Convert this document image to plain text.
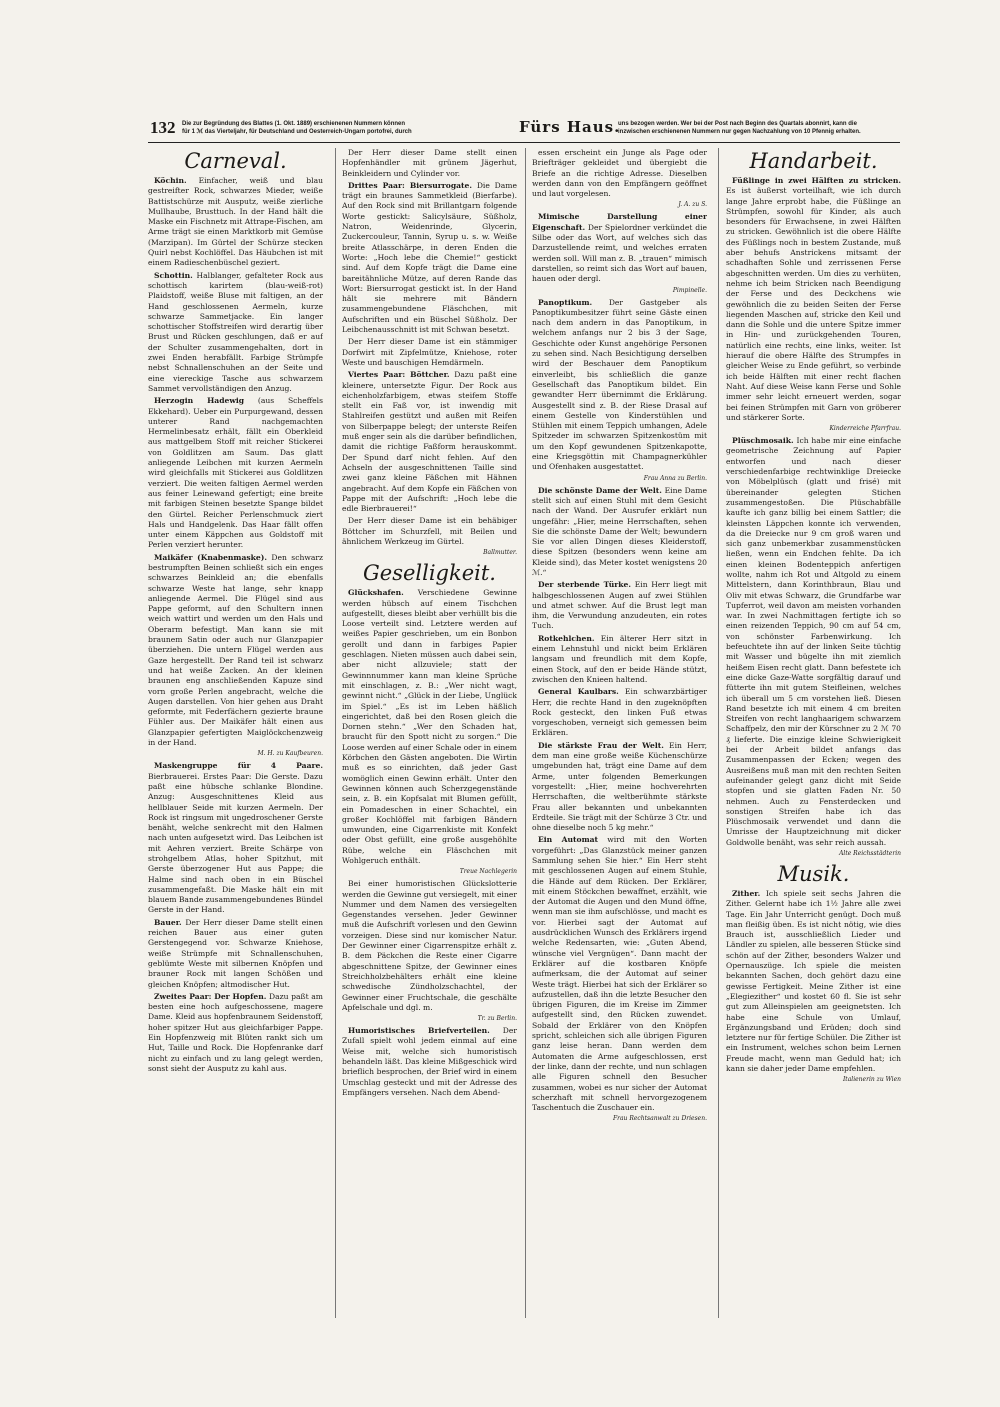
132 Die zur Begründung des Blattes (1. Okt. 1889) erschienenen Nummern können
für 1 ℳ das Vierteljahr, für Deutschland und Oesterreich-Ungarn portofrei, durch	Fürs Haus.
uns bezogen werden. Wer bei der Post nach Beginn des Quartals abonnirt, kann die
inzwischen erschienenen Nummern nur gegen Nachzahlung von 10 Pfennig erhalten.
Carneval.
Köchin. Einfacher, weiß und blau gestreifter Rock, schwarzes Mieder, weiße Battistschürze mit Ausputz, weiße zierliche Mullhaube, Brusttuch. In der Hand hält die Maske ein Fischnetz mit Attrape-Fischen, am Arme trägt sie einen Marktkorb mit Gemüse (Marzipan). Im Gürtel der Schürze stecken Quirl nebst Kochlöffel. Das Häubchen ist mit einem Radieschenbüschel geziert.
Schottin. Halblanger, gefalteter Rock aus schottisch karirtem (blau-weiß-rot) Plaidstoff, weiße Bluse mit faltigen, an der Hand geschlossenen Aermeln, kurze schwarze Sammetjacke. Ein langer schottischer Stoffstreifen wird derartig über Brust und Rücken geschlungen, daß er auf der Schulter zusammengehalten, dort in zwei Enden herabfällt. Farbige Strümpfe nebst Schnallenschuhen an der Seite und eine viereckige Tasche aus schwarzem Sammet vervollständigen den Anzug.
Herzogin Hadewig (aus Scheffels Ekkehard). Ueber ein Purpurgewand, dessen unterer Rand nachgemachten Hermelinbesatz erhält, fällt ein Oberkleid aus mattgelbem Stoff mit reicher Stickerei von Goldlitzen am Saum. Das glatt anliegende Leibchen mit kurzen Aermeln wird gleichfalls mit Stickerei aus Goldlitzen verziert. Die weiten faltigen Aermel werden aus feiner Leinewand gefertigt; eine breite mit farbigen Steinen besetzte Spange bildet den Gürtel. Reicher Perlenschmuck ziert Hals und Handgelenk. Das Haar fällt offen unter einem Käppchen aus Goldstoff mit Perlen verziert herunter.
Maikäfer (Knabenmaske). Den schwarz bestrumpften Beinen schließt sich ein enges schwarzes Beinkleid an; die ebenfalls schwarze Weste hat lange, sehr knapp anliegende Aermel. Die Flügel sind aus Pappe geformt, auf den Schultern innen weich wattirt und werden um den Hals und Oberarm befestigt. Man kann sie mit braunem Satin oder auch nur Glanzpapier überziehen. Die untern Flügel werden aus Gaze hergestellt. Der Rand teil ist schwarz und hat weiße Zacken. An der kleinen braunen eng anschließenden Kapuze sind vorn große Perlen angebracht, welche die Augen darstellen. Von hier gehen aus Draht geformte, mit Federfächern gezierte braune Fühler aus. Der Maikäfer hält einen aus Glanzpapier gefertigten Maiglöckchenzweig in der Hand.
M. H. zu Kaufbeuren.
Maskengruppe für 4 Paare. Bierbrauerei. Erstes Paar: Die Gerste. Dazu paßt eine hübsche schlanke Blondine. Anzug: Ausgeschnittenes Kleid aus hellblauer Seide mit kurzen Aermeln. Der Rock ist ringsum mit ungedroschener Gerste benäht, welche senkrecht mit den Halmen nach unten aufgesetzt wird. Das Leibchen ist mit Aehren verziert. Breite Schärpe von strohgelbem Atlas, hoher Spitzhut, mit Gerste überzogener Hut aus Pappe; die Halme sind nach oben in ein Büschel zusammengefaßt. Die Maske hält ein mit blauem Bande zusammengebundenes Bündel Gerste in der Hand.
Bauer. Der Herr dieser Dame stellt einen reichen Bauer aus einer guten Gerstengegend vor. Schwarze Kniehose, weiße Strümpfe mit Schnallenschuhen, geblümte Weste mit silbernen Knöpfen und brauner Rock mit langen Schößen und gleichen Knöpfen; altmodischer Hut.
Zweites Paar: Der Hopfen. Dazu paßt am besten eine hoch aufgeschossene, magere Dame. Kleid aus hopfenbraunem Seidenstoff, hoher spitzer Hut aus gleichfarbiger Pappe. Ein Hopfenzweig mit Blüten rankt sich um Hut, Taille und Rock. Die Hopfenranke darf nicht zu einfach und zu lang gelegt werden, sonst sieht der Ausputz zu kahl aus.
Der Herr dieser Dame stellt einen Hopfenhändler mit grünem Jägerhut, Beinkleidern und Cylinder vor.
Drittes Paar: Biersurrogate. Die Dame trägt ein braunes Sammetkleid (Bierfarbe). Auf den Rock sind mit Brillantgarn folgende Worte gestickt: Salicylsäure, Süßholz, Natron, Weidenrinde, Glycerin, Zuckercouleur, Tannin, Syrup u. s. w. Weiße breite Atlasschärpe, in deren Enden die Worte: „Hoch lebe die Chemie!“ gestickt sind. Auf dem Kopfe trägt die Dame eine bareitähnliche Mütze, auf deren Rande das Wort: Biersurrogat gestickt ist. In der Hand hält sie mehrere mit Bändern zusammengebundene Fläschchen, mit Aufschriften und ein Büschel Süßholz. Der Leibchenausschnitt ist mit Schwan besetzt.
Der Herr dieser Dame ist ein stämmiger Dorfwirt mit Zipfelmütze, Kniehose, roter Weste und bauschigen Hemdärmeln.
Viertes Paar: Böttcher. Dazu paßt eine kleinere, untersetzte Figur. Der Rock aus eichenholzfarbigem, etwas steifem Stoffe stellt ein Faß vor, ist inwendig mit Stahlreifen gestützt und außen mit Reifen von Silberpappe belegt; der unterste Reifen muß enger sein als die darüber befindlichen, damit die richtige Faßform herauskommt. Der Spund darf nicht fehlen. Auf den Achseln der ausgeschnittenen Taille sind zwei ganz kleine Fäßchen mit Hähnen angebracht. Auf dem Kopfe ein Fäßchen von Pappe mit der Aufschrift: „Hoch lebe die edle Bierbrauerei!“
Der Herr dieser Dame ist ein behäbiger Böttcher im Schurzfell, mit Beilen und ähnlichem Werkzeug im Gürtel.
Ballmutter.
Geselligkeit.
Glückshafen. Verschiedene Gewinne werden hübsch auf einem Tischchen aufgestellt, dieses bleibt aber verhüllt bis die Loose verteilt sind. Letztere werden auf weißes Papier geschrieben, um ein Bonbon gerollt und dann in farbiges Papier geschlagen. Nieten müssen auch dabei sein, aber nicht allzuviele; statt der Gewinnnummer kann man kleine Sprüche mit einschlagen, z. B.: „Wer nicht wagt, gewinnt nicht.“ „Glück in der Liebe, Unglück im Spiel.“ „Es ist im Leben häßlich eingerichtet, daß bei den Rosen gleich die Dornen stehn.“ „Wer den Schaden hat, braucht für den Spott nicht zu sorgen.“ Die Loose werden auf einer Schale oder in einem Körbchen den Gästen angeboten. Die Wirtin muß es so einrichten, daß jeder Gast womöglich einen Gewinn erhält. Unter den Gewinnen können auch Scherzgegenstände sein, z. B. ein Kopfsalat mit Blumen gefüllt, ein Pomadeschen in einer Schachtel, ein großer Kochlöffel mit farbigen Bändern umwunden, eine Cigarrenkiste mit Konfekt oder Obst gefüllt, eine große ausgehöhlte Rübe, welche ein Fläschchen mit Wohlgeruch enthält.
Treue Nachlegerin
Bei einer humoristischen Glückslotterie werden die Gewinne gut versiegelt, mit einer Nummer und dem Namen des versiegelten Gegenstandes versehen. Jeder Gewinner muß die Aufschrift vorlesen und den Gewinn vorzeigen. Diese sind nur komischer Natur. Der Gewinner einer Cigarrenspitze erhält z. B. dem Päckchen die Reste einer Cigarre abgeschnittene Spitze, der Gewinner eines Streichholzbehälters erhält eine kleine schwedische Zündholzschachtel, der Gewinner einer Fruchtschale, die geschälte Apfelschale und dgl. m.
Tr. zu Berlin.
Humoristisches Briefverteilen. Der Zufall spielt wohl jedem einmal auf eine Weise mit, welche sich humoristisch behandeln läßt. Das kleine Mißgeschick wird brieflich besprochen, der Brief wird in einem Umschlag gesteckt und mit der Adresse des Empfängers versehen. Nach dem Abend-
essen erscheint ein Junge als Page oder Briefträger gekleidet und übergiebt die Briefe an die richtige Adresse. Dieselben werden dann von den Empfängern geöffnet und laut vorgelesen.
J. A. zu S.
Mimische Darstellung einer Eigenschaft. Der Spielordner verkündet die Silbe oder das Wort, auf welches sich das Darzustellende reimt, und welches erraten werden soll. Will man z. B. „trauen“ mimisch darstellen, so reimt sich das Wort auf bauen, hauen oder dergl.
Pimpinelle.
Panoptikum. Der Gastgeber als Panoptikumbesitzer führt seine Gäste einen nach dem andern in das Panoptikum, in welchem anfangs nur 2 bis 3 der Sage, Geschichte oder Kunst angehörige Personen zu sehen sind. Nach Besichtigung derselben wird der Beschauer dem Panoptikum einverleibt, bis schließlich die ganze Gesellschaft das Panoptikum bildet. Ein gewandter Herr übernimmt die Erklärung. Ausgestellt sind z. B. der Riese Drasal auf einem Gestelle von Kinderstühlen und Stühlen mit einem Teppich umhangen, Adele Spitzeder im schwarzen Spitzenkostüm mit um den Kopf gewundenen Spitzenkapotte, eine Kriegsgöttin mit Champagnerkühler und Ofenhaken ausgestattet.
Frau Anna zu Berlin.
Die schönste Dame der Welt. Eine Dame stellt sich auf einen Stuhl mit dem Gesicht nach der Wand. Der Ausrufer erklärt nun ungefähr: „Hier, meine Herrschaften, sehen Sie die schönste Dame der Welt; bewundern Sie vor allen Dingen dieses Kleiderstoff, diese Spitzen (besonders wenn keine am Kleide sind), das Meter kostet wenigstens 20 ℳ.“
Der sterbende Türke. Ein Herr liegt mit halbgeschlossenen Augen auf zwei Stühlen und atmet schwer. Auf die Brust legt man ihm, die Verwundung anzudeuten, ein rotes Tuch.
Rotkehlchen. Ein älterer Herr sitzt in einem Lehnstuhl und nickt beim Erklären langsam und freundlich mit dem Kopfe, einen Stock, auf den er beide Hände stützt, zwischen den Knieen haltend.
General Kaulbars. Ein schwarzbärtiger Herr, die rechte Hand in den zugeknöpften Rock gesteckt, den linken Fuß etwas vorgeschoben, verneigt sich gemessen beim Erklären.
Die stärkste Frau der Welt. Ein Herr, dem man eine große weiße Küchenschürze umgebunden hat, trägt eine Dame auf dem Arme, unter folgenden Bemerkungen vorgestellt: „Hier, meine hochverehrten Herrschaften, die weltberühmte stärkste Frau aller bekannten und unbekannten Erdteile. Sie trägt mit der Schürze 3 Ctr. und ohne dieselbe noch 5 kg mehr.“
Ein Automat wird mit den Worten vorgeführt: „Das Glanzstück meiner ganzen Sammlung sehen Sie hier.“ Ein Herr steht mit geschlossenen Augen auf einem Stuhle, die Hände auf dem Rücken. Der Erklärer, mit einem Stöckchen bewaffnet, erzählt, wie der Automat die Augen und den Mund öffne, wenn man sie ihm aufschlösse, und macht es vor. Hierbei sagt der Automat auf ausdrücklichen Wunsch des Erklärers irgend welche Redensarten, wie: „Guten Abend, wünsche viel Vergnügen“. Dann macht der Erklärer auf die kostbaren Knöpfe aufmerksam, die der Automat auf seiner Weste trägt. Hierbei hat sich der Erklärer so aufzustellen, daß ihn die letzte Besucher den übrigen Figuren, die im Kreise im Zimmer aufgestellt sind, den Rücken zuwendet. Sobald der Erklärer von den Knöpfen spricht, schleichen sich alle übrigen Figuren ganz leise heran. Dann werden dem Automaten die Arme aufgeschlossen, erst der linke, dann der rechte, und nun schlagen alle Figuren schnell den Besucher zusammen, wobei es nur sicher der Automat scherzhaft mit schnell hervorgezogenem Taschentuch die Zuschauer ein.
Frau Rechtsanwalt zu Driesen.
Handarbeit.
Füßlinge in zwei Hälften zu stricken. Es ist äußerst vorteilhaft, wie ich durch lange Jahre erprobt habe, die Füßlinge an Strümpfen, sowohl für Kinder, als auch besonders für Erwachsene, in zwei Hälften zu stricken. Gewöhnlich ist die obere Hälfte des Füßlings noch in bestem Zustande, muß aber behufs Anstrickens mitsamt der schadhaften Sohle und zerrissenen Ferse abgeschnitten werden. Um dies zu verhüten, nehme ich beim Stricken nach Beendigung der Ferse und des Deckchens wie gewöhnlich die zu beiden Seiten der Ferse liegenden Maschen auf, stricke den Keil und dann die Sohle und die untere Spitze immer in Hin- und zurückgehenden Touren, natürlich eine rechts, eine links, weiter. Ist hierauf die obere Hälfte des Strumpfes in gleicher Weise zu Ende geführt, so verbinde ich beide Hälften mit einer recht flachen Naht. Auf diese Weise kann Ferse und Sohle immer sehr leicht erneuert werden, sogar bei feinen Strümpfen mit Garn von gröberer und stärkerer Sorte.
Kinderreiche Pfarrfrau.
Plüschmosaik. Ich habe mir eine einfache geometrische Zeichnung auf Papier entworfen und nach dieser verschiedenfarbige rechtwinklige Dreiecke von Möbelplüsch (glatt und frisé) mit übereinander gelegten Stichen zusammengestoßen. Die Plüschabfälle kaufte ich ganz billig bei einem Sattler; die kleinsten Läppchen konnte ich verwenden, da die Dreiecke nur 9 cm groß waren und sich ganz unbemerkbar zusammenstücken ließen, wenn ein Endchen fehlte. Da ich einen kleinen Bodenteppich anfertigen wollte, nahm ich Rot und Altgold zu einem Mittelstern, dann Korinthbraun, Blau und Oliv mit etwas Schwarz, die Grundfarbe war Tupferrot, weil davon am meisten vorhanden war. In zwei Nachmittagen fertigte ich so einen reizenden Teppich, 90 cm auf 54 cm, von schönster Farbenwirkung. Ich befeuchtete ihn auf der linken Seite tüchtig mit Wasser und bügelte ihn mit ziemlich heißem Eisen recht glatt. Dann befestete ich eine dicke Gaze-Watte sorgfältig darauf und fütterte ihn mit gutem Steifleinen, welches ich überall um 5 cm vorstehen ließ. Diesen Rand besetzte ich mit einem 4 cm breiten Streifen von recht langhaarigem schwarzem Schaffpelz, den mir der Kürschner zu 2 ℳ 70 ₰ lieferte. Die einzige kleine Schwierigkeit bei der Arbeit bildet anfangs das Zusammenpassen der Ecken; wegen des Ausreißens muß man mit den rechten Seiten aufeinander gelegt ganz dicht mit Seide stopfen und sie glatten Faden Nr. 50 nehmen. Auch zu Fensterdecken und sonstigen Streifen habe ich das Plüschmosaik verwendet und dann die Umrisse der Hauptzeichnung mit dicker Goldwolle benäht, was sehr reich aussah.
Alte Reichsstädterin
Musik.
Zither. Ich spiele seit sechs Jahren die Zither. Gelernt habe ich 1½ Jahre alle zwei Tage. Ein Jahr Unterricht genügt. Doch muß man fleißig üben. Es ist nicht nötig, wie dies Brauch ist, ausschließlich Lieder und Ländler zu spielen, alle besseren Stücke sind schön auf der Zither, besonders Walzer und Opernauszüge. Ich spiele die meisten bekannten Sachen, doch gehört dazu eine gewisse Fertigkeit. Meine Zither ist eine „Elegiezither“ und kostet 60 fl. Sie ist sehr gut zum Alleinspielen am geeignetsten. Ich habe eine Schule von Umlauf, Ergänzungsband und Erüden; doch sind letztere nur für fertige Schüler. Die Zither ist ein Instrument, welches schon beim Lernen Freude macht, wenn man Geduld hat; ich kann sie daher jeder Dame empfehlen.
Italienerin zu Wien
